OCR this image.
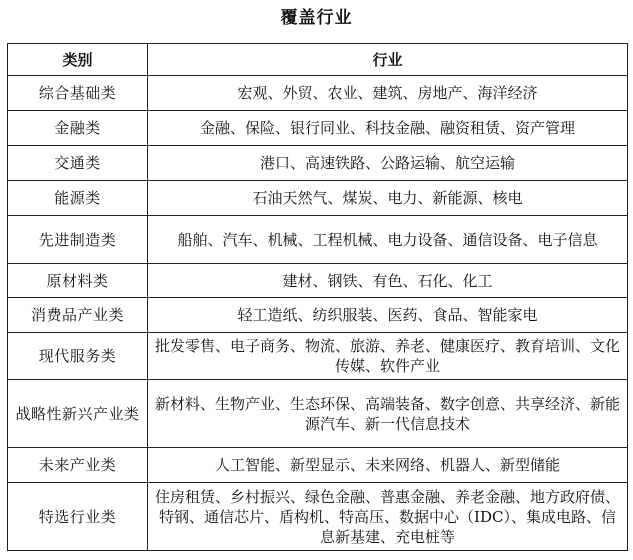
覆盖行业
类别	行业
综合基础类	宏观、外贸、农业、建筑、房地产、海洋经济
金融类	金融、保险、银行同业、科技金融、融资租赁、资产管理
交通类	港口、高速铁路、公路运输、航空运输
能源类	石油天然气、煤炭、电力、新能源、核电
先进制造类	船舶、汽车、机械、工程机械、电力设备、通信设备、电子信息
原材料类	建材、钢铁、有色、石化、化工
消费品产业类	轻工造纸、纺织服装、医药、食品、智能家电
现代服务类	批发零售、电子商务、物流、旅游、养老、健康医疗、教育培训、文化传媒、软件产业
战略性新兴产业类	新材料、生物产业、生态环保、高端装备、数字创意、共享经济、新能源汽车、新一代信息技术
未来产业类	人工智能、新型显示、未来网络、机器人、新型储能
特选行业类	住房租赁、乡村振兴、绿色金融、普惠金融、养老金融、地方政府债、特钢、通信芯片、盾构机、特高压、数据中心（IDC）、集成电路、信息新基建、充电桩等
